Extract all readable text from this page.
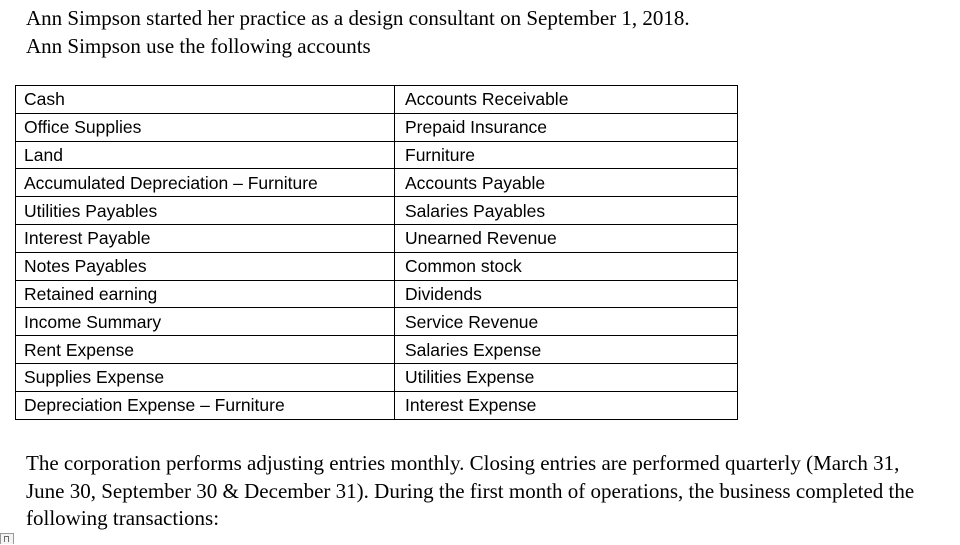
Ann Simpson started her practice as a design consultant on September 1, 2018.

Ann Simpson use the following accounts

Cash	Accounts Receivable
Office Supplies	Prepaid Insurance
Land	Furniture
Accumulated Depreciation – Furniture	Accounts Payable
Utilities Payables	Salaries Payables
Interest Payable	Unearned Revenue
Notes Payables	Common stock
Retained earning	Dividends
Income Summary	Service Revenue
Rent Expense	Salaries Expense
Supplies Expense	Utilities Expense
Depreciation Expense – Furniture	Interest Expense

The corporation performs adjusting entries monthly. Closing entries are performed quarterly (March 31, June 30, September 30 & December 31). During the first month of operations, the business completed the following transactions:
